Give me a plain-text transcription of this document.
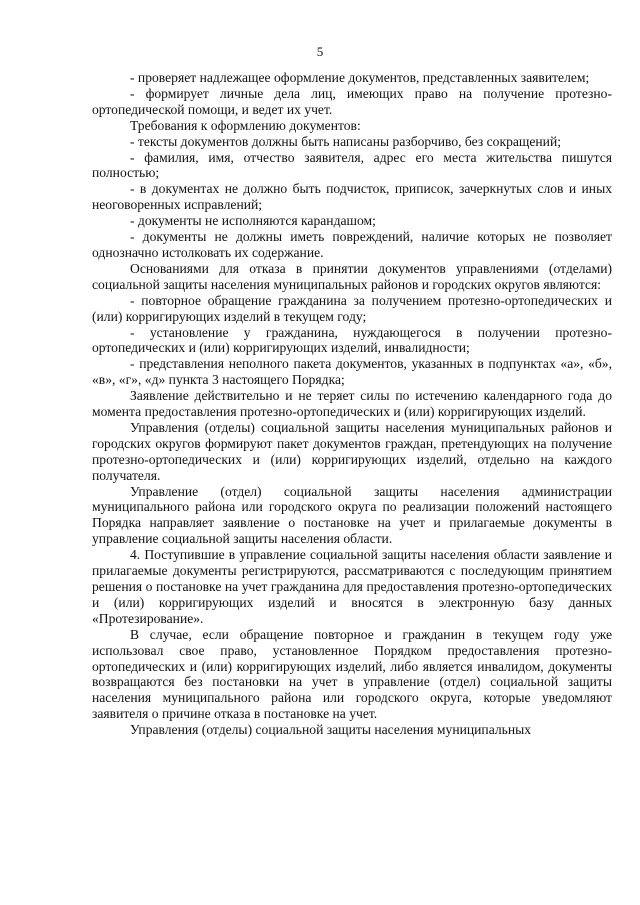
5

- проверяет надлежащее оформление документов, представленных заявителем;

- формирует личные дела лиц, имеющих право на получение протезно-ортопедической помощи, и ведет их учет.

Требования к оформлению документов:

- тексты документов должны быть написаны разборчиво, без сокращений;

- фамилия, имя, отчество заявителя, адрес его места жительства пишутся полностью;

- в документах не должно быть подчисток, приписок, зачеркнутых слов и иных неоговоренных исправлений;

- документы не исполняются карандашом;

- документы не должны иметь повреждений, наличие которых не позволяет однозначно истолковать их содержание.

Основаниями для отказа в принятии документов управлениями (отделами) социальной защиты населения муниципальных районов и городских округов являются:

- повторное обращение гражданина за получением протезно-ортопедических и (или) корригирующих изделий в текущем году;

- установление у гражданина, нуждающегося в получении протезно-ортопедических и (или) корригирующих изделий, инвалидности;

- представления неполного пакета документов, указанных в подпунктах «а», «б», «в», «г», «д» пункта 3 настоящего Порядка;

Заявление действительно и не теряет силы по истечению календарного года до момента предоставления протезно-ортопедических и (или) корригирующих изделий.

Управления (отделы) социальной защиты населения муниципальных районов и городских округов формируют пакет документов граждан, претендующих на получение протезно-ортопедических и (или) корригирующих изделий, отдельно на каждого получателя.

Управление (отдел) социальной защиты населения администрации муниципального района или городского округа по реализации положений настоящего Порядка направляет заявление о постановке на учет и прилагаемые документы в управление социальной защиты населения области.

4. Поступившие в управление социальной защиты населения области заявление и прилагаемые документы регистрируются, рассматриваются с последующим принятием решения о постановке на учет гражданина для предоставления протезно-ортопедических и (или) корригирующих изделий и вносятся в электронную базу данных «Протезирование».

В случае, если обращение повторное и гражданин в текущем году уже использовал свое право, установленное Порядком предоставления протезно-ортопедических и (или) корригирующих изделий, либо является инвалидом, документы возвращаются без постановки на учет в управление (отдел) социальной защиты населения муниципального района или городского округа, которые уведомляют заявителя о причине отказа в постановке на учет.

Управления (отделы) социальной защиты населения муниципальных
